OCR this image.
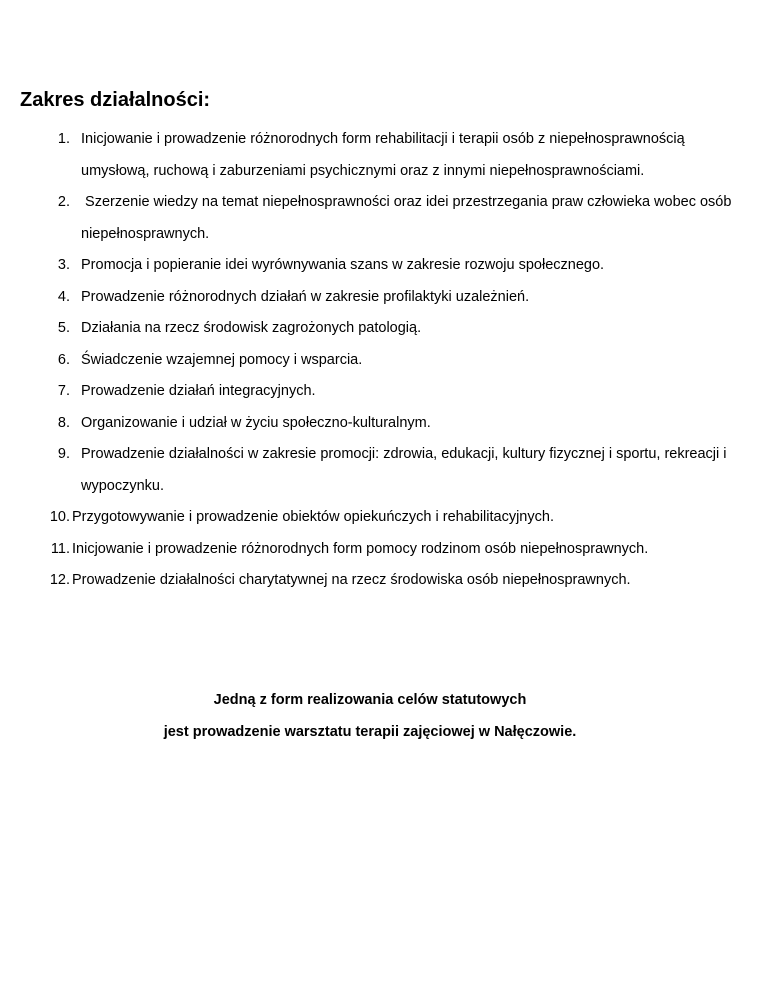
Zakres działalności:
1. Inicjowanie i prowadzenie różnorodnych form rehabilitacji i terapii osób z niepełnosprawnością umysłową, ruchową i zaburzeniami psychicznymi oraz z innymi niepełnosprawnościami.
2. Szerzenie wiedzy na temat niepełnosprawności oraz idei przestrzegania praw człowieka wobec osób niepełnosprawnych.
3. Promocja i popieranie idei wyrównywania szans w zakresie rozwoju społecznego.
4. Prowadzenie różnorodnych działań w zakresie profilaktyki uzależnień.
5. Działania na rzecz środowisk zagrożonych patologią.
6. Świadczenie wzajemnej pomocy i wsparcia.
7. Prowadzenie działań integracyjnych.
8. Organizowanie i udział w życiu społeczno-kulturalnym.
9. Prowadzenie działalności w zakresie promocji: zdrowia, edukacji, kultury fizycznej i sportu, rekreacji i wypoczynku.
10. Przygotowywanie i prowadzenie obiektów opiekuńczych i rehabilitacyjnych.
11. Inicjowanie i prowadzenie różnorodnych form pomocy rodzinom osób niepełnosprawnych.
12. Prowadzenie działalności charytatywnej na rzecz środowiska osób niepełnosprawnych.
Jedną z form realizowania celów statutowych
jest prowadzenie warsztatu terapii zajęciowej w Nałęczowie.
